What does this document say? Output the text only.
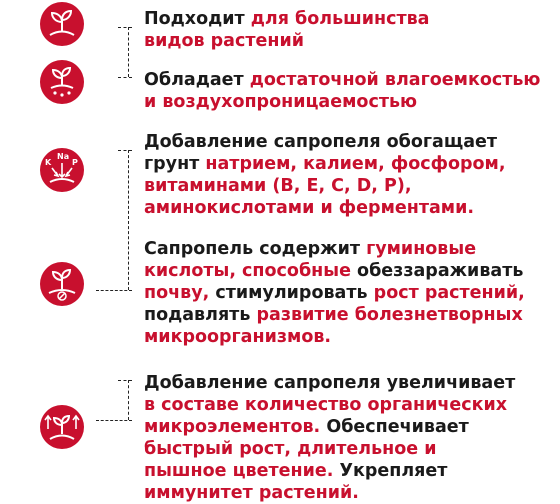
K
Na
P

Подходит для большинства

видов растений

Обладает достаточной влагоемкостью

и воздухопроницаемостью

Добавление сапропеля обогащает

грунт натрием, калием, фосфором,

витаминами (B, E, C, D, P),

аминокислотами и ферментами.

Сапропель содержит гуминовые

кислоты, способные обеззараживать

почву, стимулировать рост растений,

подавлять развитие болезнетворных

микроорганизмов.

Добавление сапропеля увеличивает

в составе количество органических

микроэлементов. Обеспечивает

быстрый рост, длительное и

пышное цветение. Укрепляет

иммунитет растений.
